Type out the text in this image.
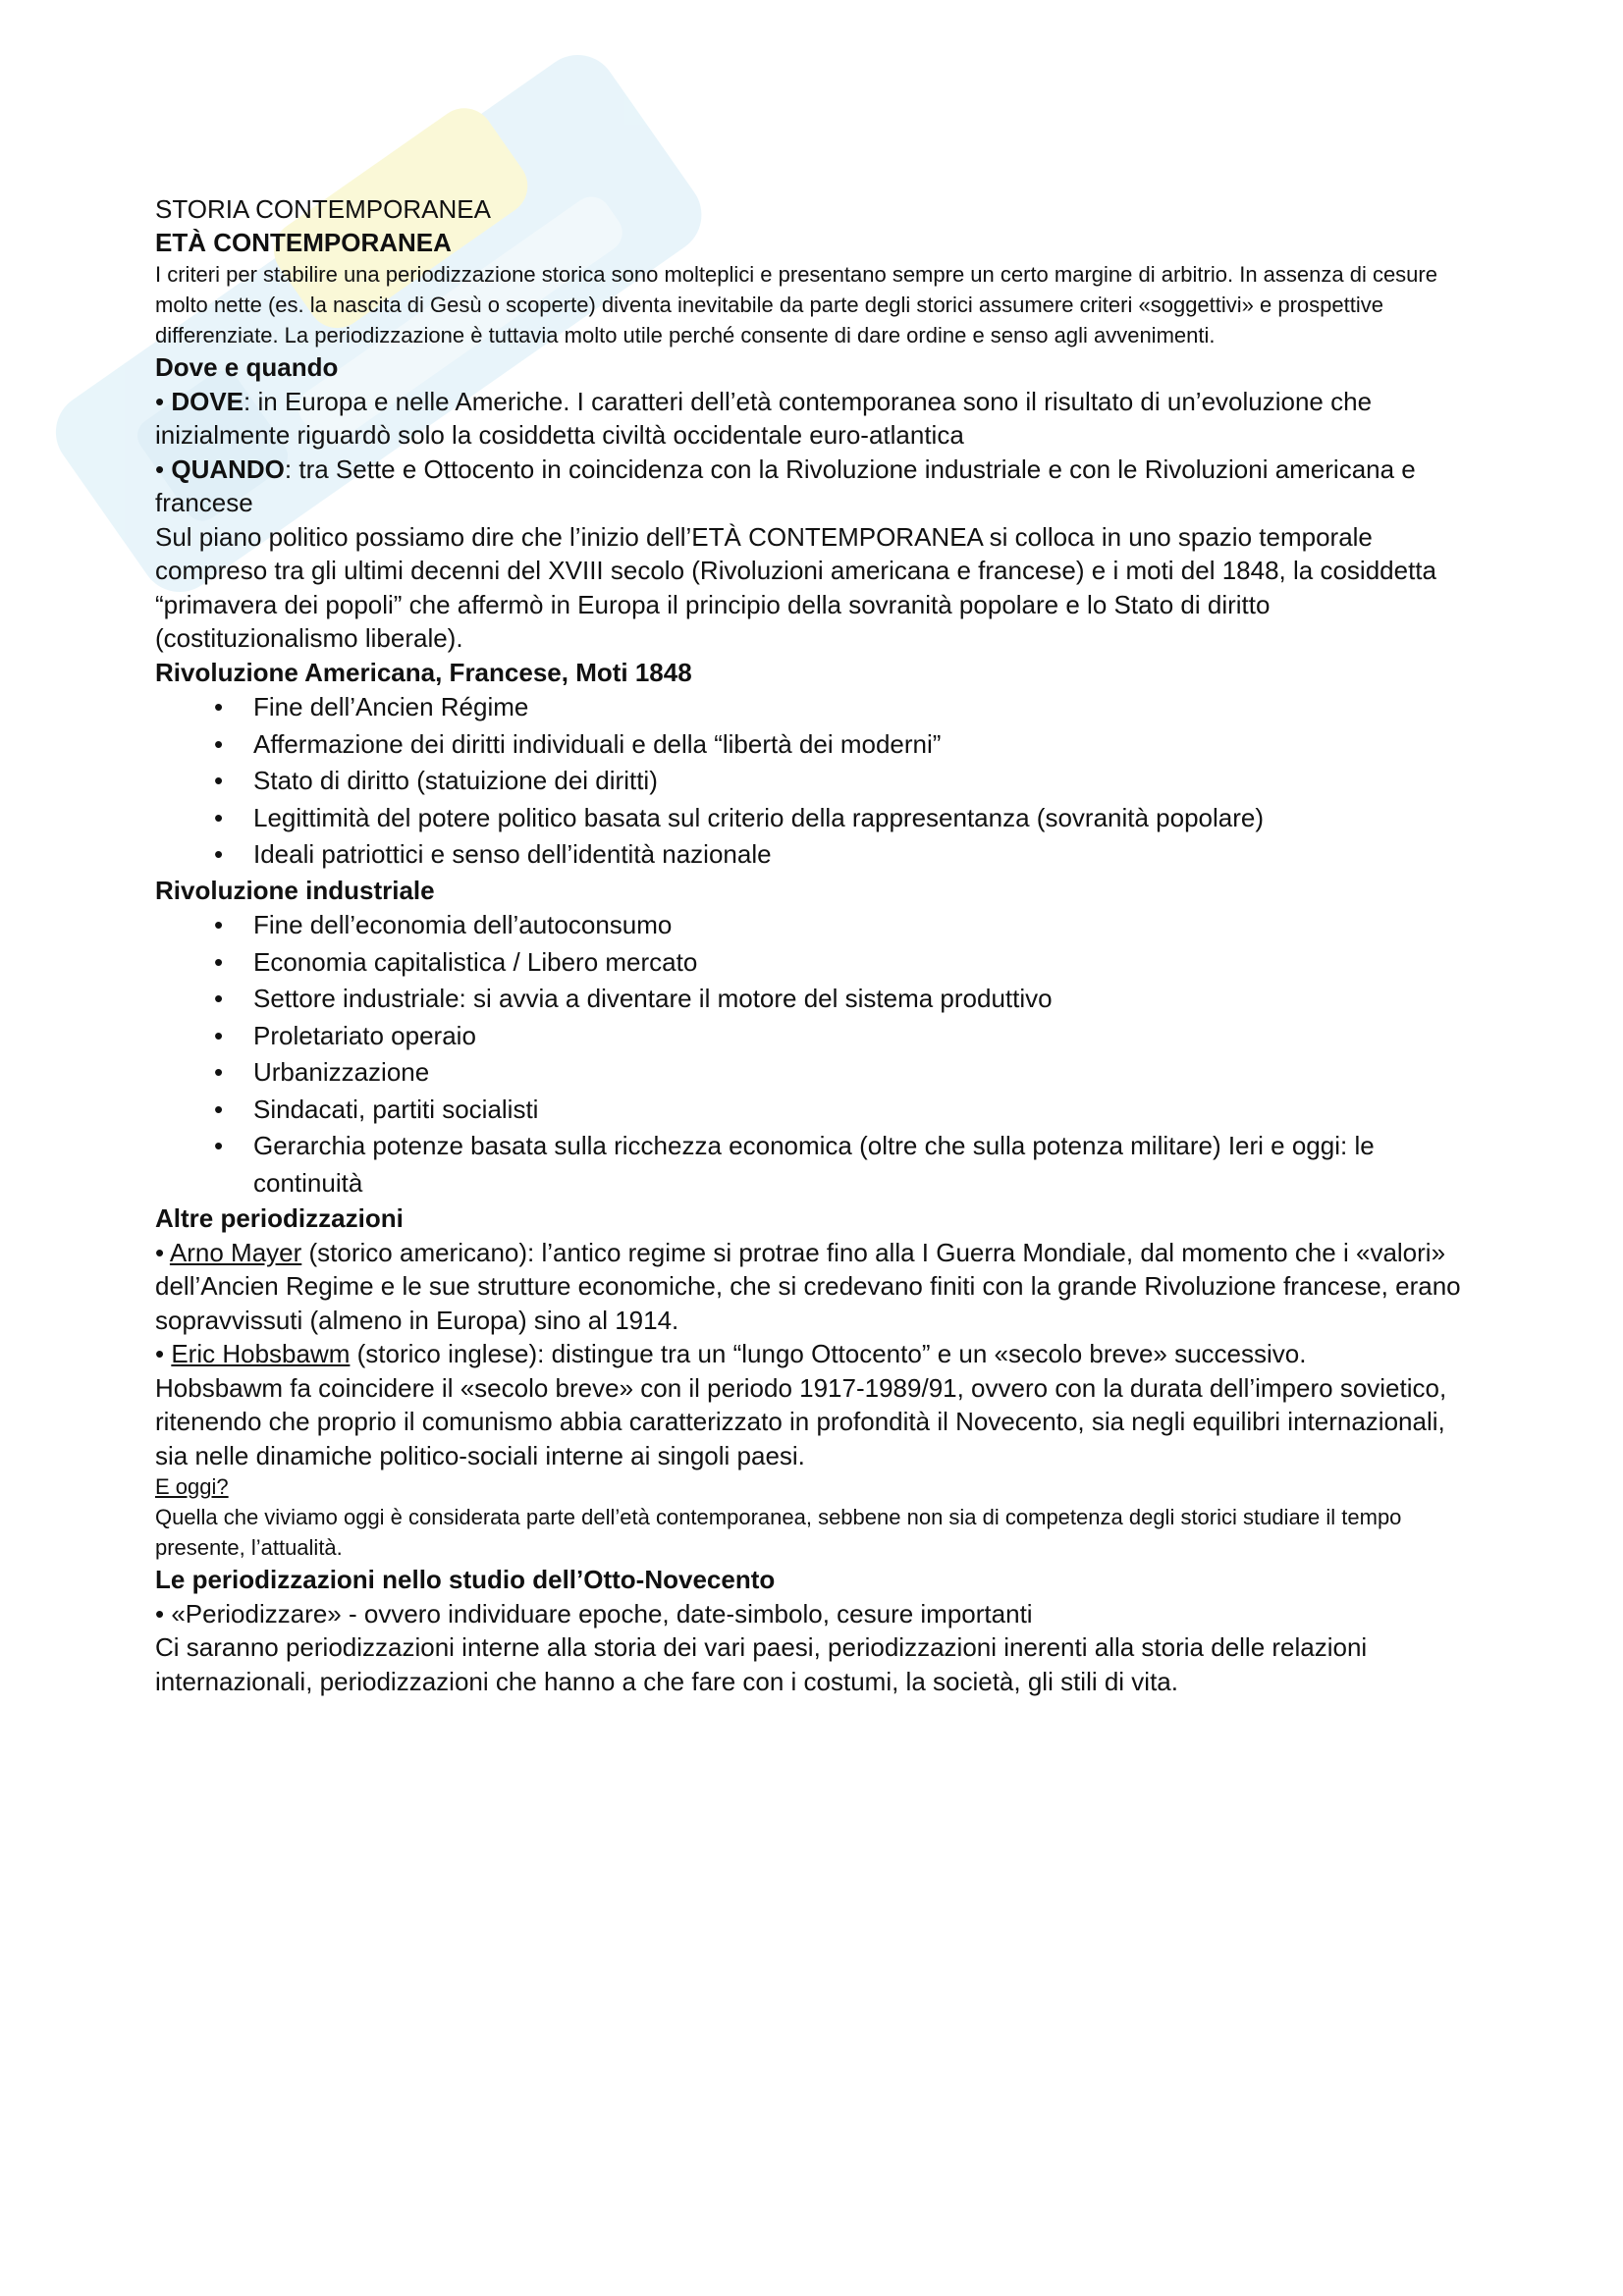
STORIA CONTEMPORANEA
ETÀ CONTEMPORANEA

I criteri per stabilire una periodizzazione storica sono molteplici e presentano sempre un certo margine di arbitrio. In assenza di cesure molto nette (es. la nascita di Gesù o scoperte) diventa inevitabile da parte degli storici assumere criteri «soggettivi» e prospettive differenziate. La periodizzazione è tuttavia molto utile perché consente di dare ordine e senso agli avvenimenti.

Dove e quando

• DOVE: in Europa e nelle Americhe. I caratteri dell’età contemporanea sono il risultato di un’evoluzione che inizialmente riguardò solo la cosiddetta civiltà occidentale euro-atlantica

• QUANDO: tra Sette e Ottocento in coincidenza con la Rivoluzione industriale e con le Rivoluzioni americana e francese

Sul piano politico possiamo dire che l’inizio dell’ETÀ CONTEMPORANEA si colloca in uno spazio temporale compreso tra gli ultimi decenni del XVIII secolo (Rivoluzioni americana e francese) e i moti del 1848, la cosiddetta “primavera dei popoli” che affermò in Europa il principio della sovranità popolare e lo Stato di diritto (costituzionalismo liberale).

Rivoluzione Americana, Francese, Moti 1848

• Fine dell’Ancien Régime
• Affermazione dei diritti individuali e della “libertà dei moderni”
• Stato di diritto (statuizione dei diritti)
• Legittimità del potere politico basata sul criterio della rappresentanza (sovranità popolare)
• Ideali patriottici e senso dell’identità nazionale

Rivoluzione industriale

• Fine dell’economia dell’autoconsumo
• Economia capitalistica / Libero mercato
• Settore industriale: si avvia a diventare il motore del sistema produttivo
• Proletariato operaio
• Urbanizzazione
• Sindacati, partiti socialisti
• Gerarchia potenze basata sulla ricchezza economica (oltre che sulla potenza militare) Ieri e oggi: le continuità

Altre periodizzazioni

• Arno Mayer (storico americano): l’antico regime si protrae fino alla I Guerra Mondiale, dal momento che i «valori» dell’Ancien Regime e le sue strutture economiche, che si credevano finiti con la grande Rivoluzione francese, erano sopravvissuti (almeno in Europa) sino al 1914.

• Eric Hobsbawm (storico inglese): distingue tra un “lungo Ottocento” e un «secolo breve» successivo.

Hobsbawm fa coincidere il «secolo breve» con il periodo 1917-1989/91, ovvero con la durata dell’impero sovietico, ritenendo che proprio il comunismo abbia caratterizzato in profondità il Novecento, sia negli equilibri internazionali, sia nelle dinamiche politico-sociali interne ai singoli paesi.

E oggi?

Quella che viviamo oggi è considerata parte dell’età contemporanea, sebbene non sia di competenza degli storici studiare il tempo presente, l’attualità.

Le periodizzazioni nello studio dell’Otto-Novecento

• «Periodizzare» - ovvero individuare epoche, date-simbolo, cesure importanti

Ci saranno periodizzazioni interne alla storia dei vari paesi, periodizzazioni inerenti alla storia delle relazioni internazionali, periodizzazioni che hanno a che fare con i costumi, la società, gli stili di vita.
